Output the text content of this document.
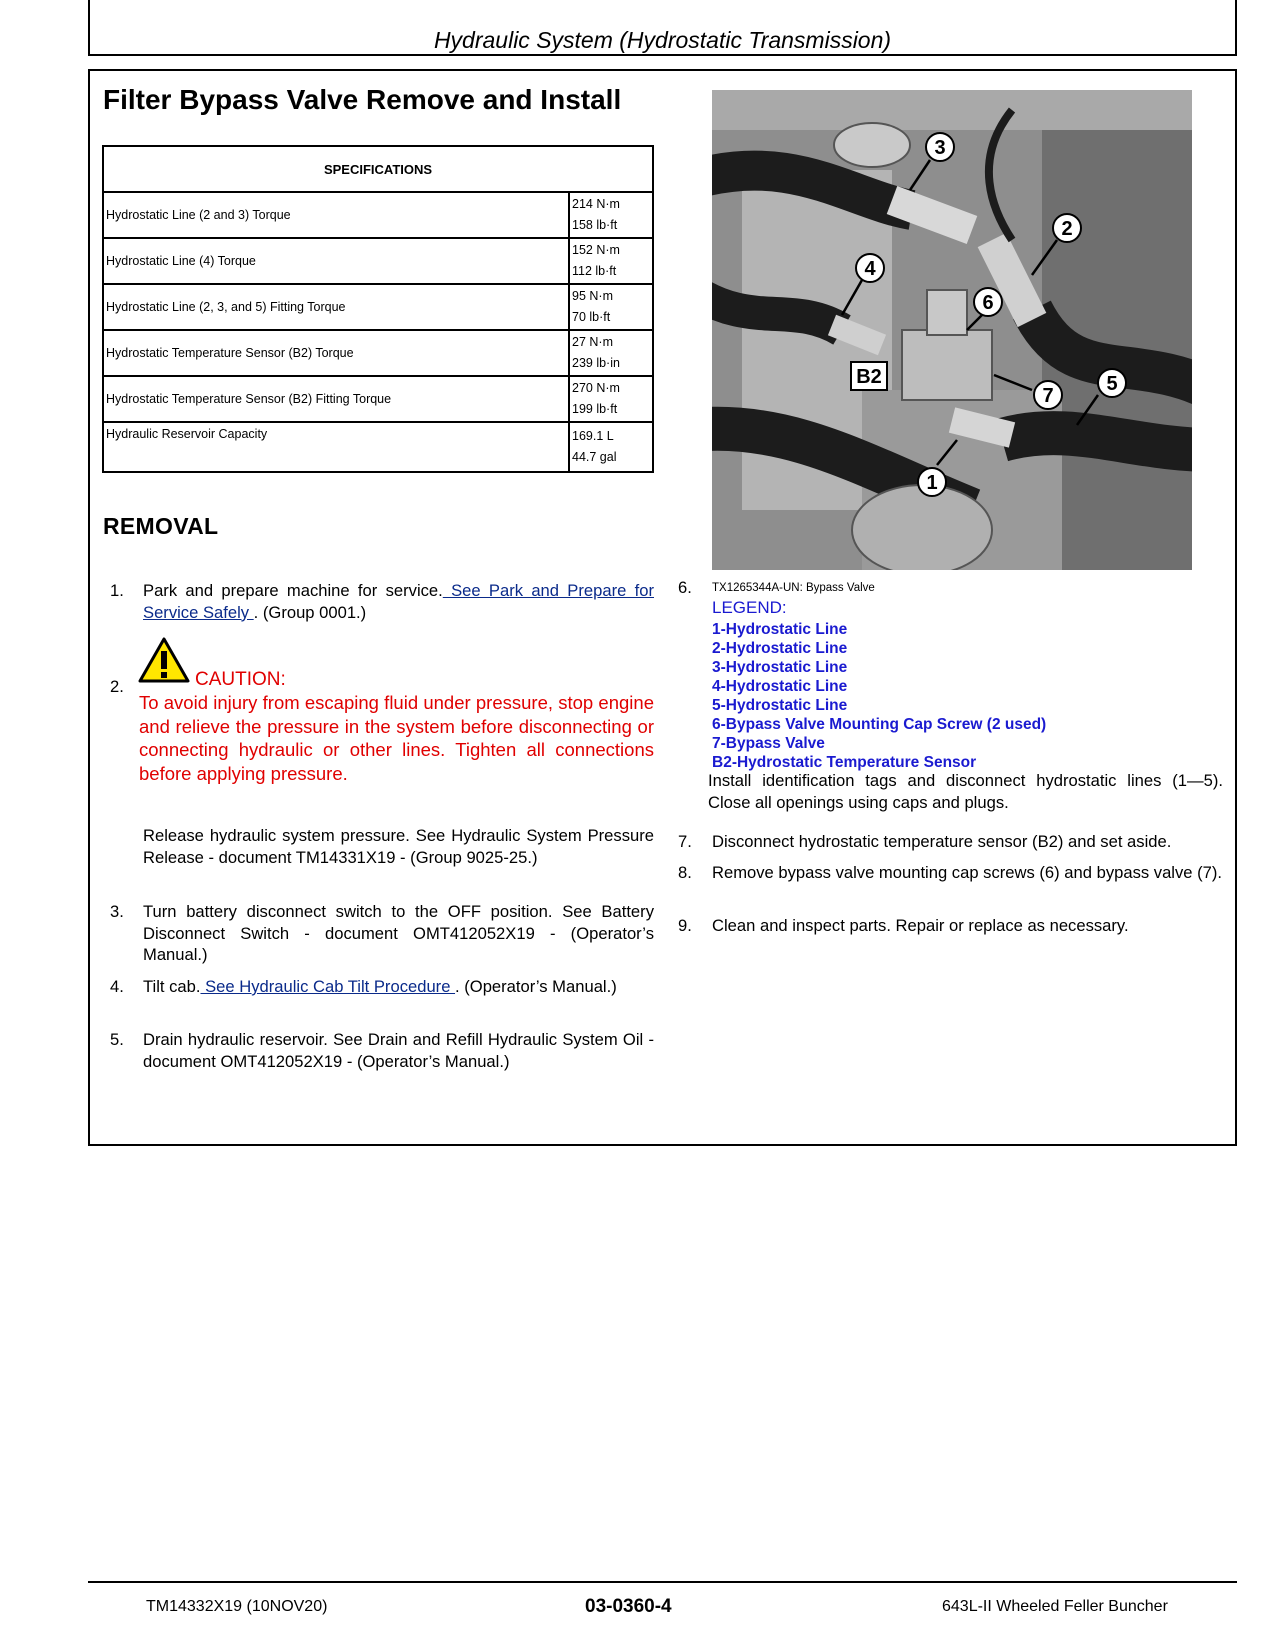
Hydraulic System (Hydrostatic Transmission)
Filter Bypass Valve Remove and Install
SPECIFICATIONS	
Hydrostatic Line (2 and 3) Torque	214 N·m
158 lb·ft

Hydrostatic Line (4) Torque	152 N·m
112 lb·ft

Hydrostatic Line (2, 3, and 5) Fitting Torque	95 N·m
70 lb·ft

Hydrostatic Temperature Sensor (B2) Torque	27 N·m
239 lb·in

Hydrostatic Temperature Sensor (B2) Fitting Torque	270 N·m
199 lb·ft

Hydraulic Reservoir Capacity	169.1 L
44.7 gal
REMOVAL
1.	Park and prepare machine for service. See Park and Prepare for Service Safely . (Group 0001.)
2.	CAUTION:
To avoid injury from escaping fluid under pressure, stop engine and relieve the pressure in the system before disconnecting or connecting hydraulic or other lines. Tighten all connections before applying pressure.
Release hydraulic system pressure. See Hydraulic System Pressure Release - document TM14331X19 - (Group 9025-25.)
3.	Turn battery disconnect switch to the OFF position. See Battery Disconnect Switch - document OMT412052X19 - (Operator’s Manual.)
4.	Tilt cab. See Hydraulic Cab Tilt Procedure . (Operator’s Manual.)
5.	Drain hydraulic reservoir. See Drain and Refill Hydraulic System Oil - document OMT412052X19 - (Operator’s Manual.)
3
2
4
6
B2
7
5
1
6. TX1265344A-UN: Bypass Valve
LEGEND:
1-Hydrostatic Line
2-Hydrostatic Line
3-Hydrostatic Line
4-Hydrostatic Line
5-Hydrostatic Line
6-Bypass Valve Mounting Cap Screw (2 used)
7-Bypass Valve
B2-Hydrostatic Temperature Sensor
Install identification tags and disconnect hydrostatic lines (1—5). Close all openings using caps and plugs.
7. Disconnect hydrostatic temperature sensor (B2) and set aside.
8. Remove bypass valve mounting cap screws (6) and bypass valve (7).
9. Clean and inspect parts. Repair or replace as necessary.
TM14332X19 (10NOV20)	03-0360-4	643L-II Wheeled Feller Buncher
